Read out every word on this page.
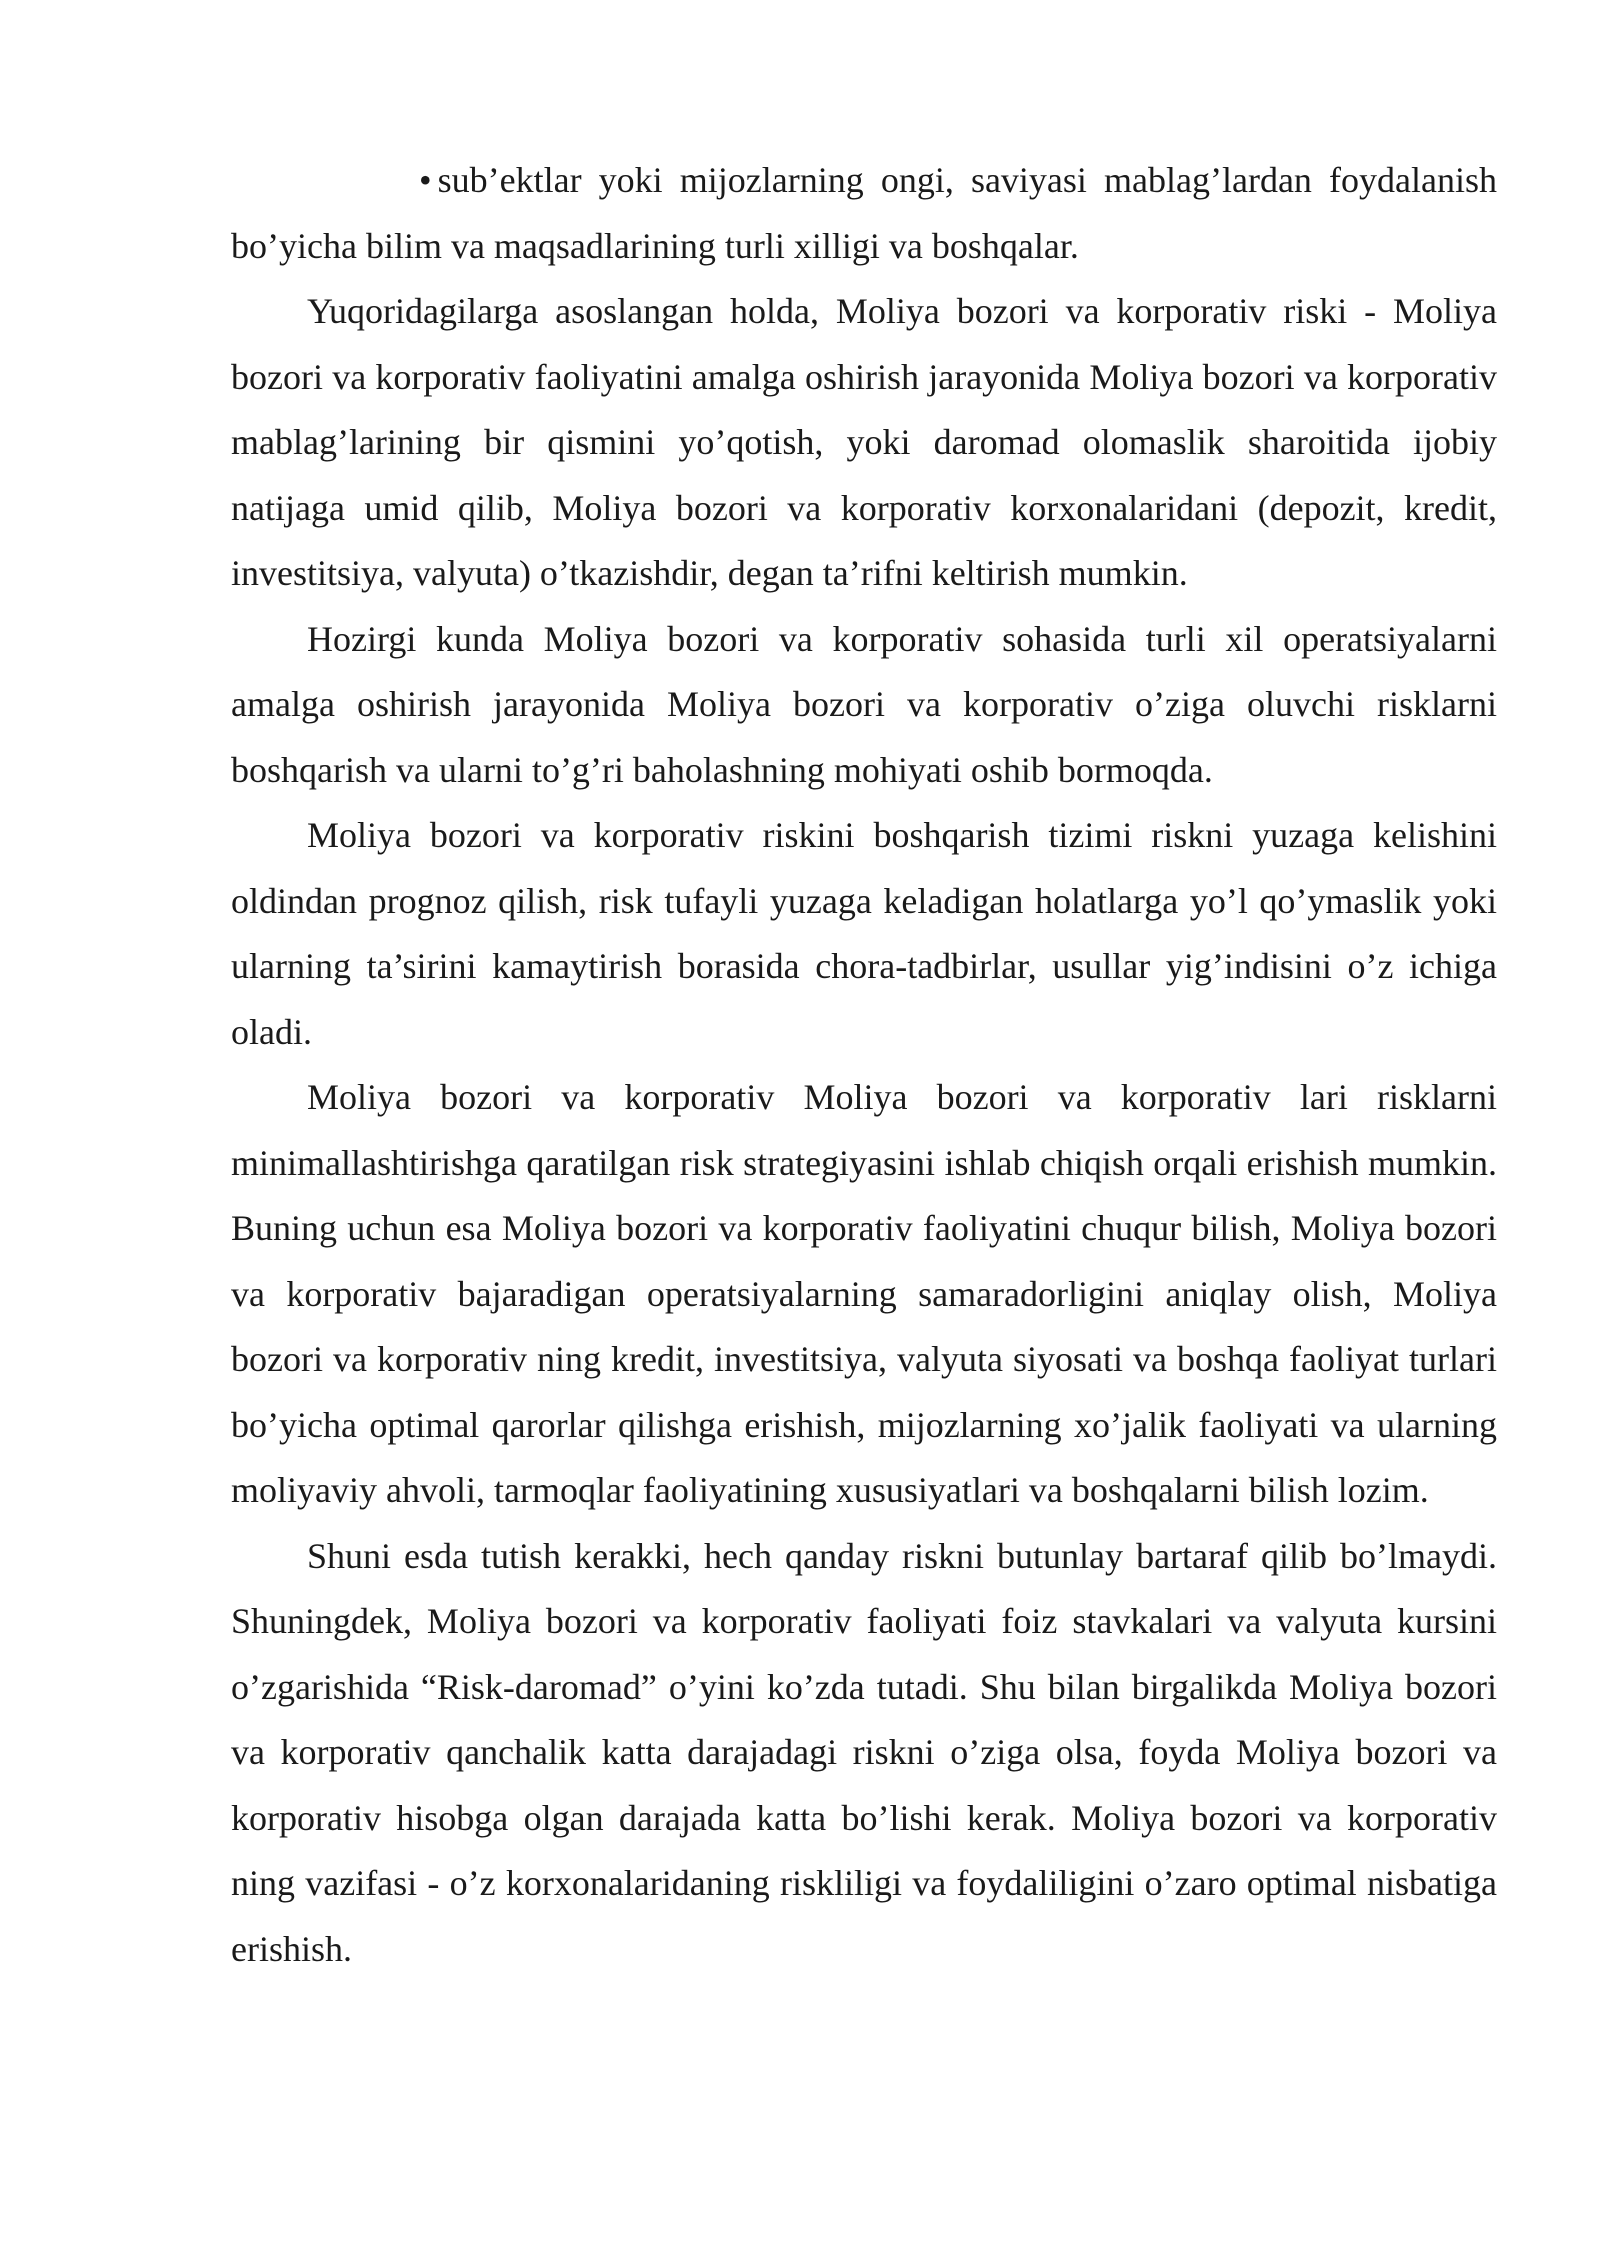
• sub’ektlar yoki mijozlarning ongi, saviyasi mablag’lardan foydalanish bo’yicha bilim va maqsadlarining turli xilligi va boshqalar.

Yuqoridagilarga asoslangan holda, Moliya bozori va korporativ riski - Moliya bozori va korporativ faoliyatini amalga oshirish jarayonida Moliya bozori va korporativ mablag’larining bir qismini yo’qotish, yoki daromad olomaslik sharoitida ijobiy natijaga umid qilib, Moliya bozori va korporativ korxonalaridani (depozit, kredit, investitsiya, valyuta) o’tkazishdir, degan ta’rifni keltirish mumkin.

Hozirgi kunda Moliya bozori va korporativ sohasida turli xil operatsiyalarni amalga oshirish jarayonida Moliya bozori va korporativ o’ziga oluvchi risklarni boshqarish va ularni to’g’ri baholashning mohiyati oshib bormoqda.

Moliya bozori va korporativ riskini boshqarish tizimi riskni yuzaga kelishini oldindan prognoz qilish, risk tufayli yuzaga keladigan holatlarga yo’l qo’ymaslik yoki ularning ta’sirini kamaytirish borasida chora-tadbirlar, usullar yig’indisini o’z ichiga oladi.

Moliya bozori va korporativ Moliya bozori va korporativ lari risklarni minimallashtirishga qaratilgan risk strategiyasini ishlab chiqish orqali erishish mumkin. Buning uchun esa Moliya bozori va korporativ faoliyatini chuqur bilish, Moliya bozori va korporativ bajaradigan operatsiyalarning samaradorligini aniqlay olish, Moliya bozori va korporativ ning kredit, investitsiya, valyuta siyosati va boshqa faoliyat turlari bo’yicha optimal qarorlar qilishga erishish, mijozlarning xo’jalik faoliyati va ularning moliyaviy ahvoli, tarmoqlar faoliyatining xususiyatlari va boshqalarni bilish lozim.

Shuni esda tutish kerakki, hech qanday riskni butunlay bartaraf qilib bo’lmaydi. Shuningdek, Moliya bozori va korporativ faoliyati foiz stavkalari va valyuta kursini o’zgarishida “Risk-daromad” o’yini ko’zda tutadi. Shu bilan birgalikda Moliya bozori va korporativ qanchalik katta darajadagi riskni o’ziga olsa, foyda Moliya bozori va korporativ hisobga olgan darajada katta bo’lishi kerak. Moliya bozori va korporativ ning vazifasi - o’z korxonalaridaning riskliligi va foydaliligini o’zaro optimal nisbatiga erishish.
